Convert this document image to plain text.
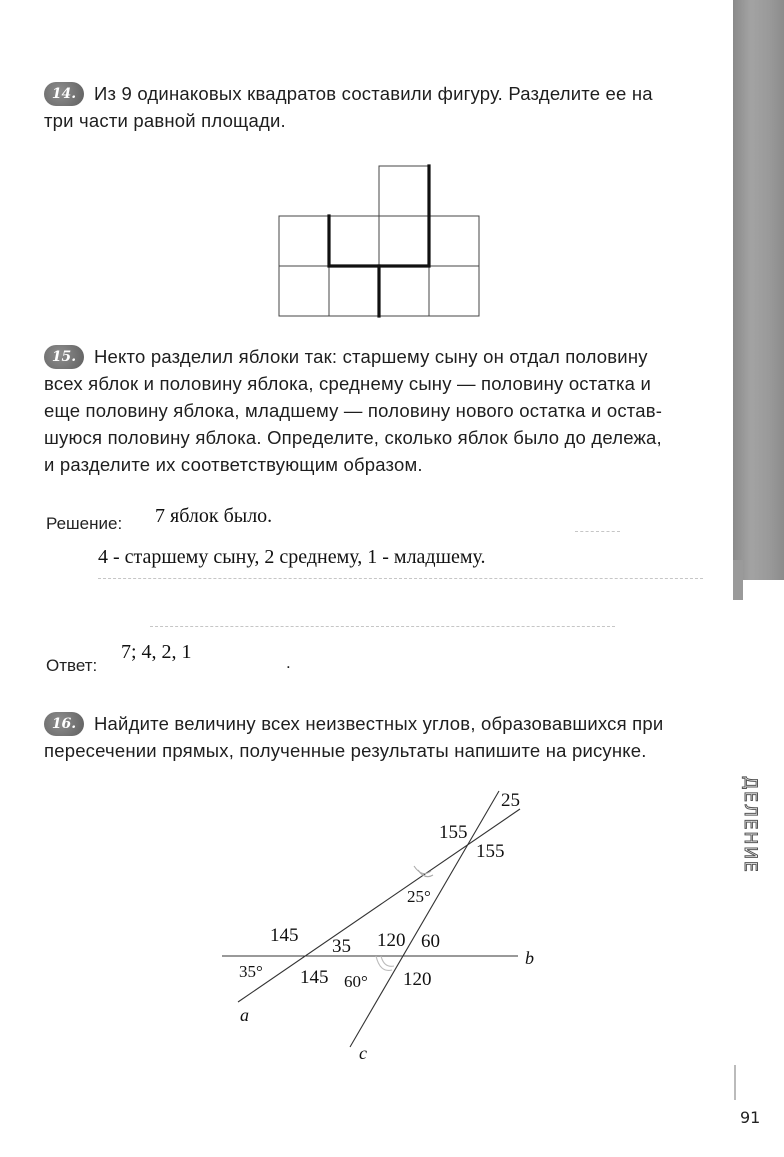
ДЕЛЕНИЕ
91
14. Из 9 одинаковых квадратов составили фигуру. Разделите ее на
три части равной площади.

15. Некто разделил яблоки так: старшему сыну он отдал половину
всех яблок и половину яблока, среднему сыну — половину остатка и
еще половину яблока, младшему — половину нового остатка и остав-
шуюся половину яблока. Определите, сколько яблок было до дележа,
и разделите их соответствующим образом.

Решение: 7 яблок было.
4 - старшему сыну, 2 среднему, 1 - младшему.
Ответ:
7; 4, 2, 1	.
16. Найдите величину всех неизвестных углов, образовавшихся при
пересечении прямых, полученные результаты напишите на рисунке.

25
155
155
25°
145
35
35° 145
120 60
60° 120
b
a
c
